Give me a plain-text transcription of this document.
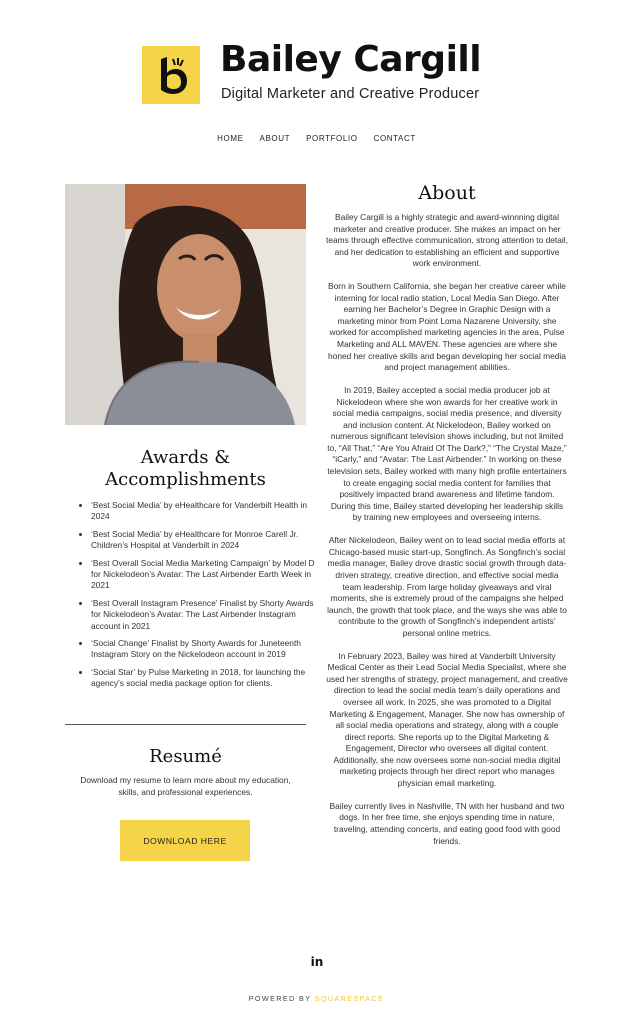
Bailey Cargill
Digital Marketer and Creative Producer
HOME ABOUT PORTFOLIO CONTACT
Awards & Accomplishments
• ‘Best Social Media’ by eHealthcare for Vanderbilt Health in 2024
• ‘Best Social Media’ by eHealthcare for Monroe Carell Jr. Children’s Hospital at Vanderbilt in 2024
• ‘Best Overall Social Media Marketing Campaign’ by Model D for Nickelodeon’s Avatar: The Last Airbender Earth Week in 2021
• ‘Best Overall Instagram Presence’ Finalist by Shorty Awards for Nickelodeon’s Avatar: The Last Airbender Instagram account in 2021
• ‘Social Change’ Finalist by Shorty Awards for Juneteenth Instagram Story on the Nickelodeon account in 2019
• ‘Social Star’ by Pulse Marketing in 2018, for launching the agency’s social media package option for clients.
Resumé
Download my resume to learn more about my education, skills, and professional experiences.
DOWNLOAD HERE
About

Bailey Cargill is a highly strategic and award-winnning digital marketer and creative producer. She makes an impact on her teams through effective communication, strong attention to detail, and her dedication to establishing an efficient and supportive work environment.

Born in Southern California, she began her creative career while interning for local radio station, Local Media San Diego. After earning her Bachelor’s Degree in Graphic Design with a marketing minor from Point Loma Nazarene University, she worked for accomplished marketing agencies in the area, Pulse Marketing and ALL MAVEN. These agencies are where she honed her creative skills and began developing her social media and project management abilities.

In 2019, Bailey accepted a social media producer job at Nickelodeon where she won awards for her creative work in social media campaigns, social media presence, and diversity and inclusion content. At Nickelodeon, Bailey worked on numerous significant television shows including, but not limited to, “All That,” “Are You Afraid Of The Dark?,” “The Crystal Maze,” “iCarly,” and “Avatar: The Last Airbender.” In working on these television sets, Bailey worked with many high profile entertainers to create engaging social media content for families that positively impacted brand awareness and lifetime fandom. During this time, Bailey started developing her leadership skills by training new employees and overseeing interns.

After Nickelodeon, Bailey went on to lead social media efforts at Chicago-based music start-up, Songfinch. As Songfinch’s social media manager, Bailey drove drastic social growth through data-driven strategy, creative direction, and effective social media team leadership. From large holiday giveaways and viral moments, she is extremely proud of the campaigns she helped launch, the growth that took place, and the ways she was able to contribute to the growth of Songfinch’s independent artists’ personal online metrics.

In February 2023, Bailey was hired at Vanderbilt University Medical Center as their Lead Social Media Specialist, where she used her strengths of strategy, project management, and creative direction to lead the social media team’s daily operations and oversee all work. In 2025, she was promoted to a Digital Marketing & Engagement, Manager. She now has ownership of all social media operations and strategy, along with a couple direct reports. She reports up to the Digital Marketing & Engagement, Director who oversees all digital content. Additionally, she now oversees some non-social media digital marketing projects through her direct report who manages physician email marketing.

Bailey currently lives in Nashville, TN with her husband and two dogs. In her free time, she enjoys spending time in nature, traveling, attending concerts, and eating good food with good friends.

in
POWERED BY SQUARESPACE
